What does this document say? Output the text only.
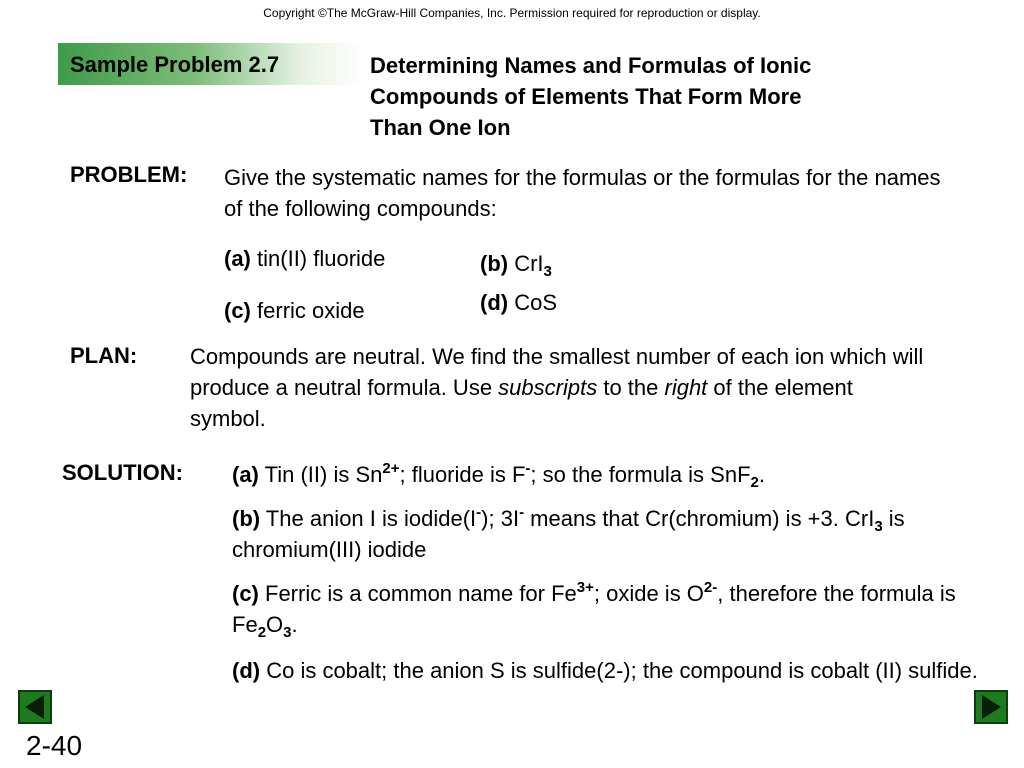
Copyright ©The McGraw-Hill Companies, Inc. Permission required for reproduction or display.
Sample Problem 2.7	Determining Names and Formulas of Ionic
Compounds of Elements That Form More
Than One Ion
PROBLEM: Give the systematic names for the formulas or the formulas for the names of the following compounds:
(a) tin(II) fluoride	(b) CrI$_3$
(c) ferric oxide	(d) CoS
PLAN: Compounds are neutral. We find the smallest number of each ion which will produce a neutral formula. Use subscripts to the right of the element symbol.
SOLUTION: (a) Tin (II) is $Sn^{2+}$; fluoride is F-; so the formula is SnF$_2$.
(b) The anion I is iodide(I-); 3I- means that Cr(chromium) is +3. CrI$_3$ is chromium(III) iodide
(c) Ferric is a common name for $Fe^{3+}$; oxide is $O^{2-}$, therefore the formula is $Fe_2O_3$.
(d) Co is cobalt; the anion S is sulfide(2-); the compound is cobalt (II) sulfide.
2-40
